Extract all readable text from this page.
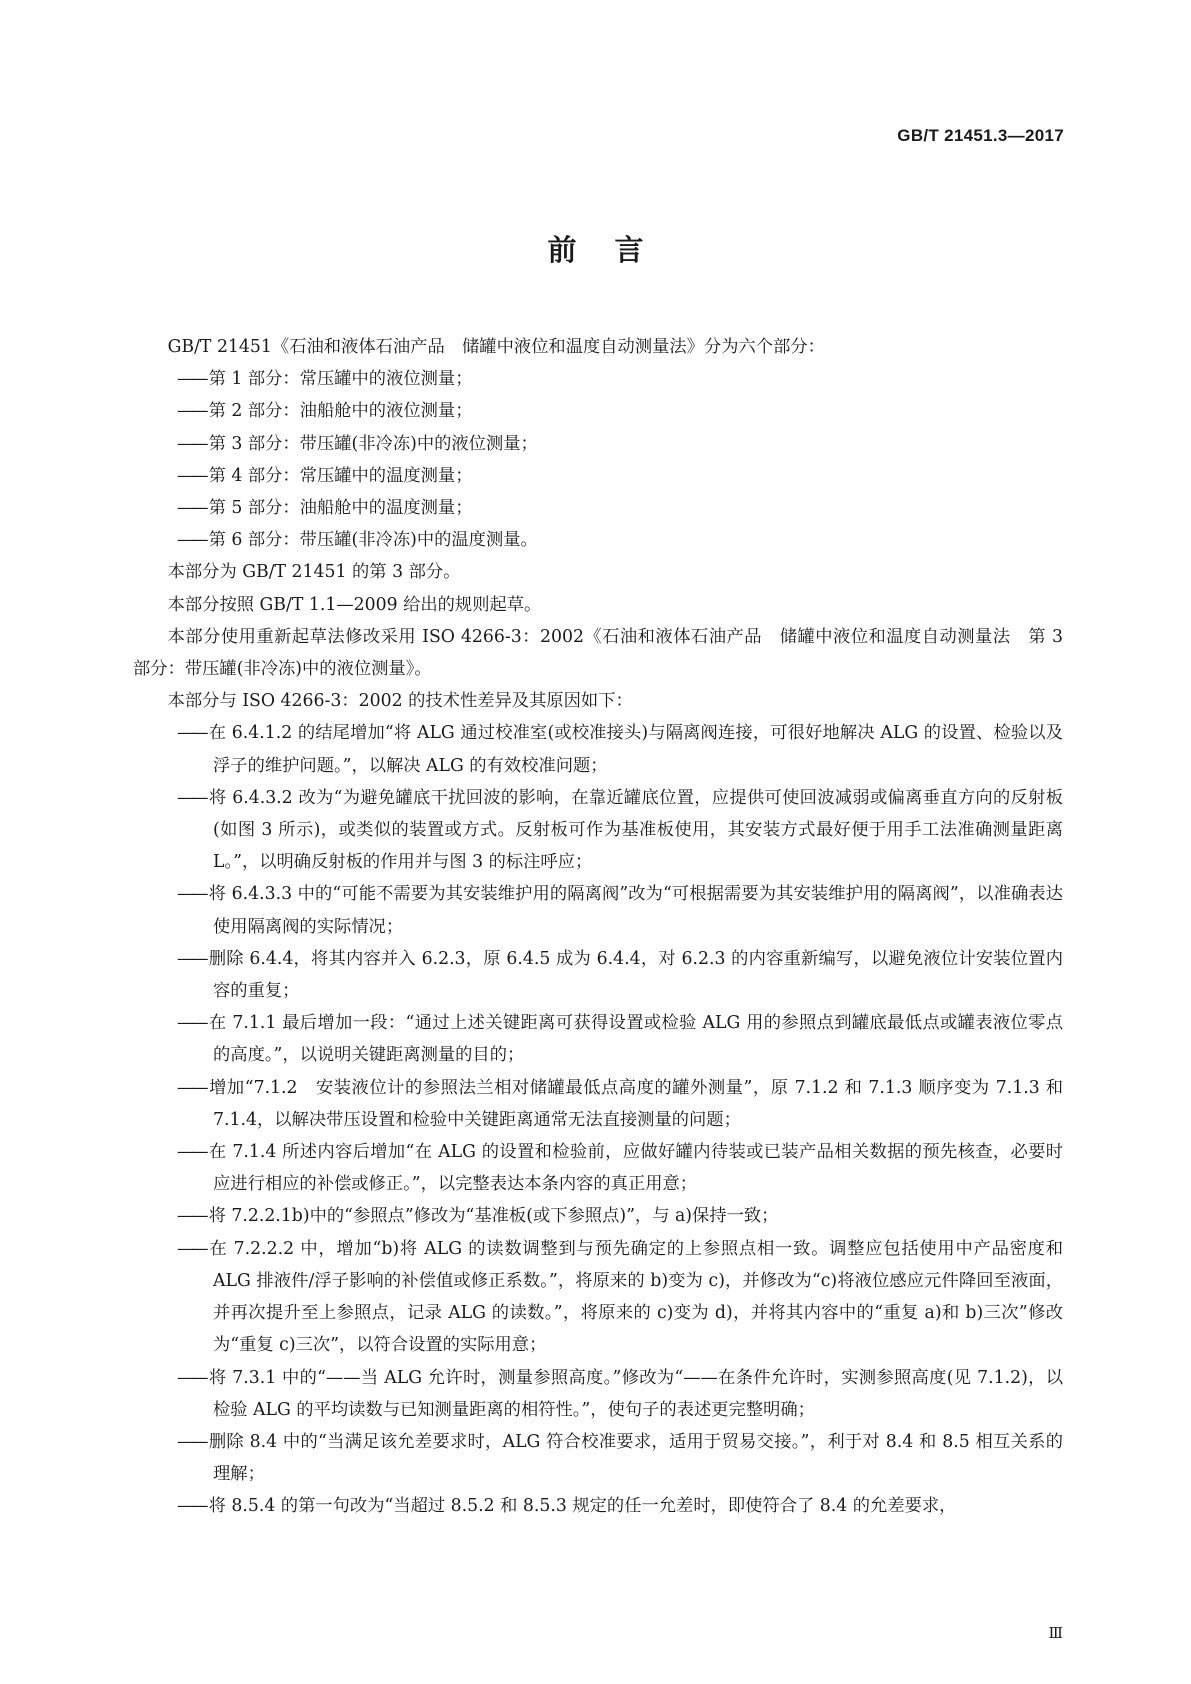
GB/T 21451.3—2017
前言

GB/T 21451《石油和液体石油产品　储罐中液位和温度自动测量法》分为六个部分：

—— 第 1 部分：常压罐中的液位测量；

—— 第 2 部分：油船舱中的液位测量；

—— 第 3 部分：带压罐(非冷冻)中的液位测量；

—— 第 4 部分：常压罐中的温度测量；

—— 第 5 部分：油船舱中的温度测量；

—— 第 6 部分：带压罐(非冷冻)中的温度测量。

本部分为 GB/T 21451 的第 3 部分。

本部分按照 GB/T 1.1—2009 给出的规则起草。

本部分使用重新起草法修改采用 ISO 4266-3：2002《石油和液体石油产品　储罐中液位和温度自动测量法　第 3 部分：带压罐(非冷冻)中的液位测量》。

本部分与 ISO 4266-3：2002 的技术性差异及其原因如下：

—— 在 6.4.1.2 的结尾增加“将 ALG 通过校准室(或校准接头)与隔离阀连接，可很好地解决 ALG 的设置、检验以及浮子的维护问题。”，以解决 ALG 的有效校准问题；

—— 将 6.4.3.2 改为“为避免罐底干扰回波的影响，在靠近罐底位置，应提供可使回波减弱或偏离垂直方向的反射板(如图 3 所示)，或类似的装置或方式。反射板可作为基准板使用，其安装方式最好便于用手工法准确测量距离 L。”，以明确反射板的作用并与图 3 的标注呼应；

—— 将 6.4.3.3 中的“可能不需要为其安装维护用的隔离阀”改为“可根据需要为其安装维护用的隔离阀”，以准确表达使用隔离阀的实际情况；

—— 删除 6.4.4，将其内容并入 6.2.3，原 6.4.5 成为 6.4.4，对 6.2.3 的内容重新编写，以避免液位计安装位置内容的重复；

—— 在 7.1.1 最后增加一段：“通过上述关键距离可获得设置或检验 ALG 用的参照点到罐底最低点或罐表液位零点的高度。”，以说明关键距离测量的目的；

—— 增加“7.1.2　安装液位计的参照法兰相对储罐最低点高度的罐外测量”，原 7.1.2 和 7.1.3 顺序变为 7.1.3 和 7.1.4，以解决带压设置和检验中关键距离通常无法直接测量的问题；

—— 在 7.1.4 所述内容后增加“在 ALG 的设置和检验前，应做好罐内待装或已装产品相关数据的预先核查，必要时应进行相应的补偿或修正。”，以完整表达本条内容的真正用意；

—— 将 7.2.2.1b)中的“参照点”修改为“基准板(或下参照点)”，与 a)保持一致；

—— 在 7.2.2.2 中，增加“b)将 ALG 的读数调整到与预先确定的上参照点相一致。调整应包括使用中产品密度和 ALG 排液件/浮子影响的补偿值或修正系数。”，将原来的 b)变为 c)，并修改为“c)将液位感应元件降回至液面，并再次提升至上参照点，记录 ALG 的读数。”，将原来的 c)变为 d)，并将其内容中的“重复 a)和 b)三次”修改为“重复 c)三次”，以符合设置的实际用意；

—— 将 7.3.1 中的“——当 ALG 允许时，测量参照高度。”修改为“——在条件允许时，实测参照高度(见 7.1.2)，以检验 ALG 的平均读数与已知测量距离的相符性。”，使句子的表述更完整明确；

—— 删除 8.4 中的“当满足该允差要求时，ALG 符合校准要求，适用于贸易交接。”，利于对 8.4 和 8.5 相互关系的理解；

—— 将 8.5.4 的第一句改为“当超过 8.5.2 和 8.5.3 规定的任一允差时，即使符合了 8.4 的允差要求，

Ⅲ
